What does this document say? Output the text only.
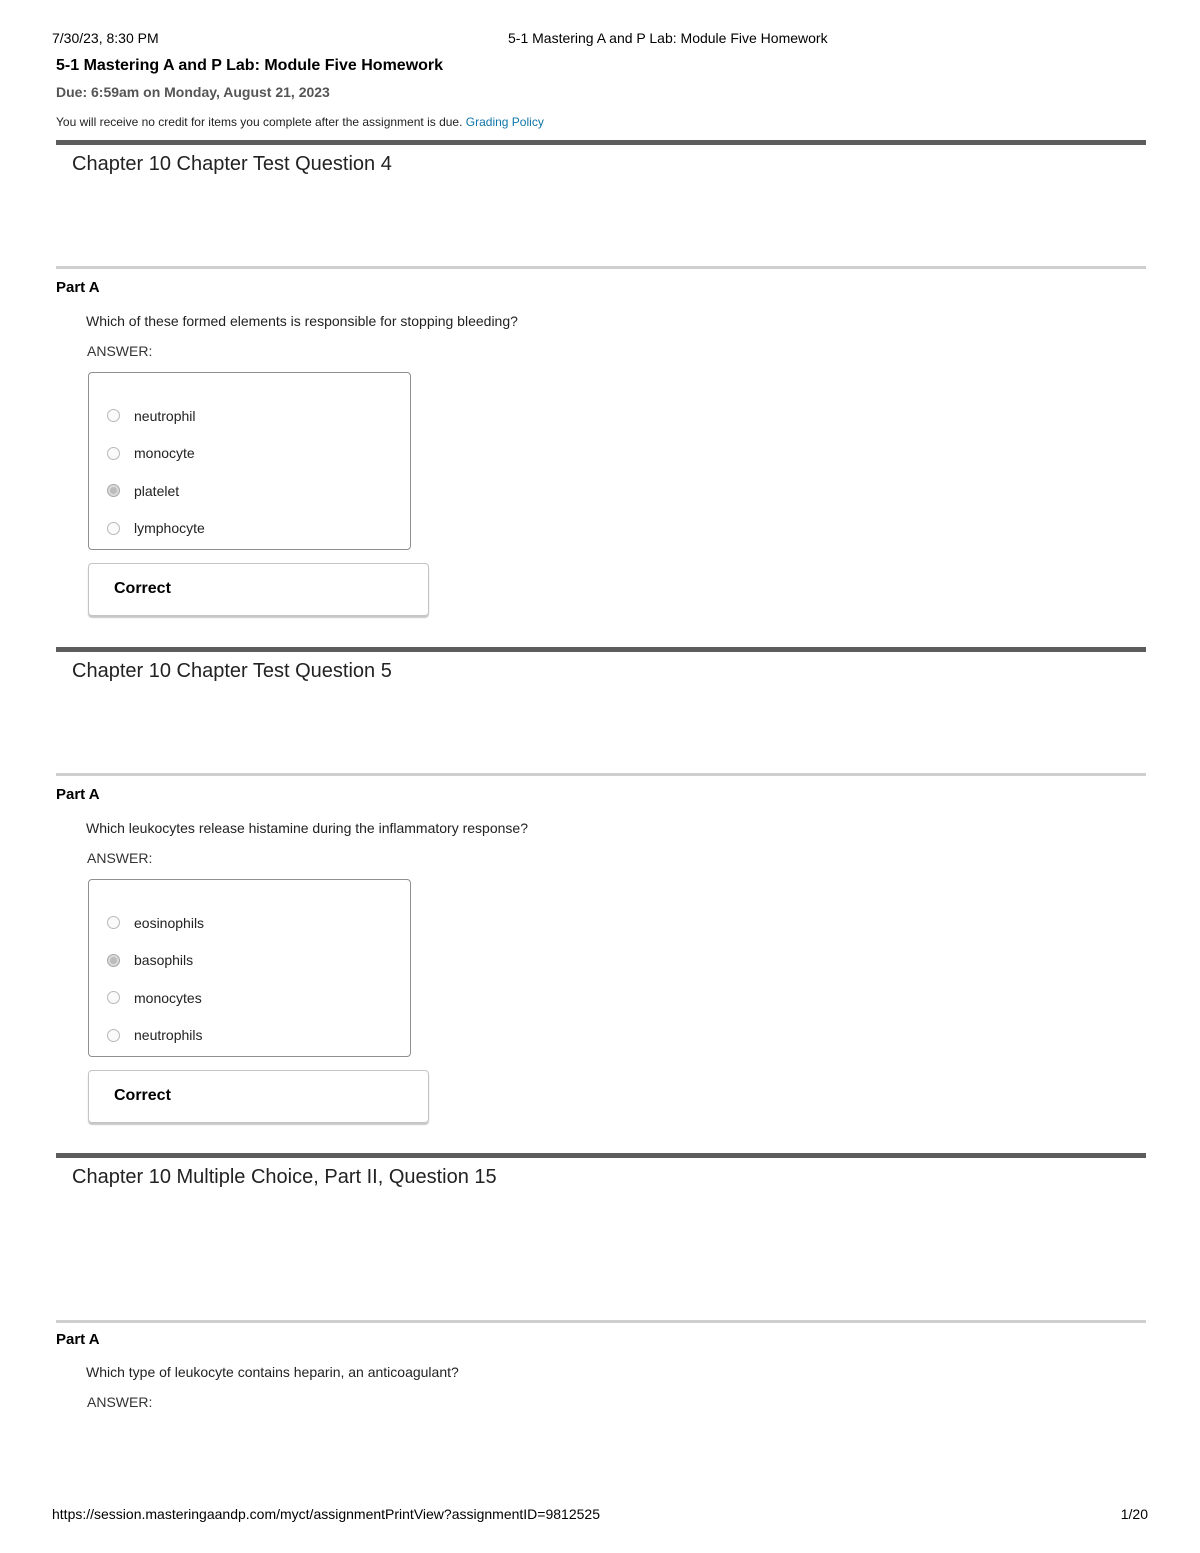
7/30/23, 8:30 PM	5-1 Mastering A and P Lab: Module Five Homework
5-1 Mastering A and P Lab: Module Five Homework
Due: 6:59am on Monday, August 21, 2023
You will receive no credit for items you complete after the assignment is due. Grading Policy
Chapter 10 Chapter Test Question 4
Part A
Which of these formed elements is responsible for stopping bleeding?
ANSWER:
neutrophil
monocyte
platelet
lymphocyte
Correct
Chapter 10 Chapter Test Question 5
Part A
Which leukocytes release histamine during the inflammatory response?
ANSWER:
eosinophils
basophils
monocytes
neutrophils
Correct
Chapter 10 Multiple Choice, Part II, Question 15
Part A
Which type of leukocyte contains heparin, an anticoagulant?
ANSWER:
https://session.masteringaandp.com/myct/assignmentPrintView?assignmentID=9812525	1/20
